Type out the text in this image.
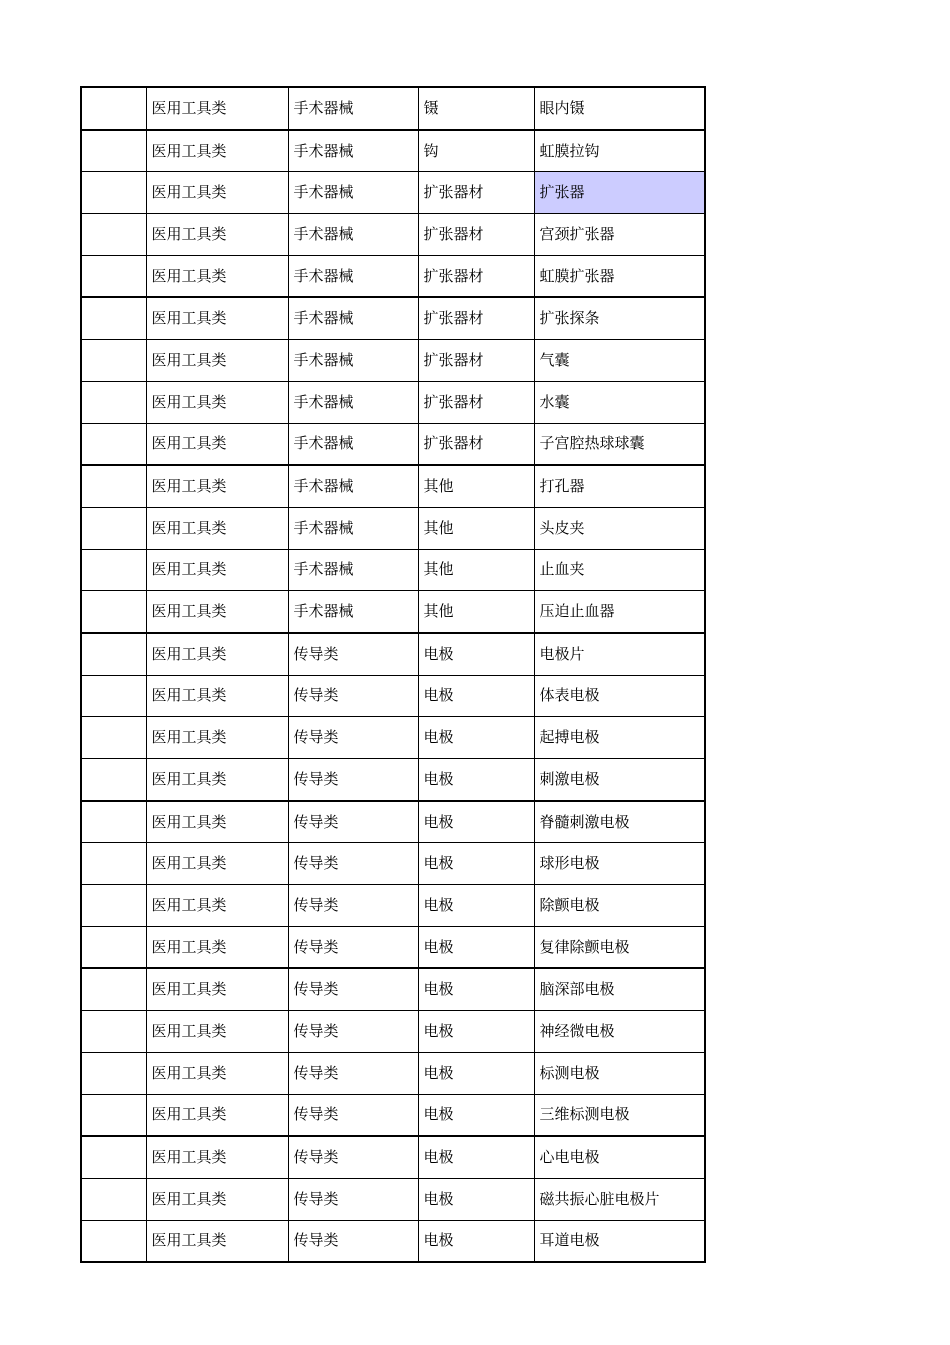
	医用工具类	手术器械	镊	眼内镊
	医用工具类	手术器械	钩	虹膜拉钩
	医用工具类	手术器械	扩张器材	扩张器
	医用工具类	手术器械	扩张器材	宫颈扩张器
	医用工具类	手术器械	扩张器材	虹膜扩张器
	医用工具类	手术器械	扩张器材	扩张探条
	医用工具类	手术器械	扩张器材	气囊
	医用工具类	手术器械	扩张器材	水囊
	医用工具类	手术器械	扩张器材	子宫腔热球球囊
	医用工具类	手术器械	其他	打孔器
	医用工具类	手术器械	其他	头皮夹
	医用工具类	手术器械	其他	止血夹
	医用工具类	手术器械	其他	压迫止血器
	医用工具类	传导类	电极	电极片
	医用工具类	传导类	电极	体表电极
	医用工具类	传导类	电极	起搏电极
	医用工具类	传导类	电极	刺激电极
	医用工具类	传导类	电极	脊髓刺激电极
	医用工具类	传导类	电极	球形电极
	医用工具类	传导类	电极	除颤电极
	医用工具类	传导类	电极	复律除颤电极
	医用工具类	传导类	电极	脑深部电极
	医用工具类	传导类	电极	神经微电极
	医用工具类	传导类	电极	标测电极
	医用工具类	传导类	电极	三维标测电极
	医用工具类	传导类	电极	心电电极
	医用工具类	传导类	电极	磁共振心脏电极片
	医用工具类	传导类	电极	耳道电极
